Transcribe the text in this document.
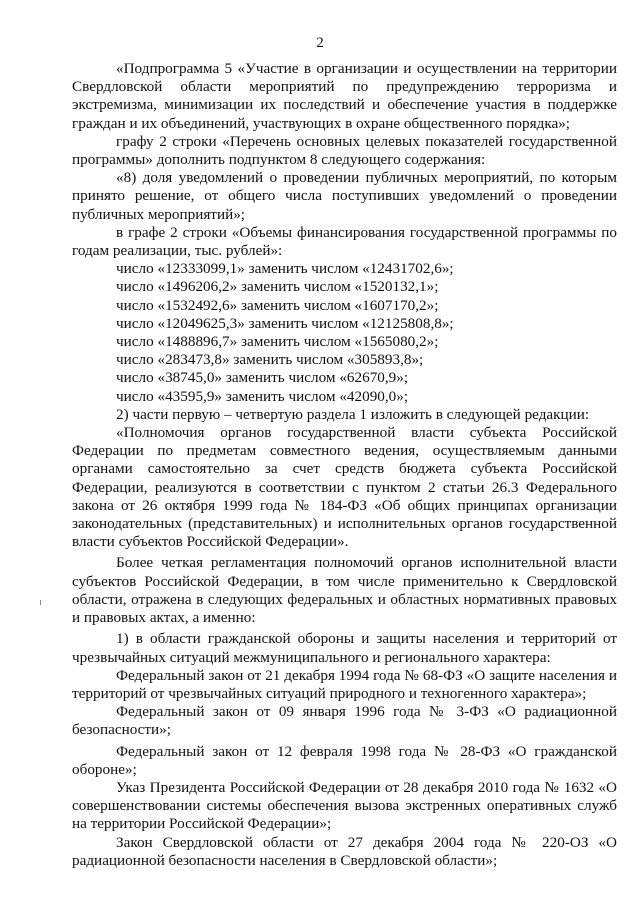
2

«Подпрограмма 5 «Участие в организации и осуществлении на территории Свердловской области мероприятий по предупреждению терроризма и экстремизма, минимизации их последствий и обеспечение участия в поддержке граждан и их объединений, участвующих в охране общественного порядка»;

графу 2 строки «Перечень основных целевых показателей государственной программы» дополнить подпунктом 8 следующего содержания:

«8) доля уведомлений о проведении публичных мероприятий, по которым принято решение, от общего числа поступивших уведомлений о проведении публичных мероприятий»;

в графе 2 строки «Объемы финансирования государственной программы по годам реализации, тыс. рублей»:

число «12333099,1» заменить числом «12431702,6»;

число «1496206,2» заменить числом «1520132,1»;

число «1532492,6» заменить числом «1607170,2»;

число «12049625,3» заменить числом «12125808,8»;

число «1488896,7» заменить числом «1565080,2»;

число «283473,8» заменить числом «305893,8»;

число «38745,0» заменить числом «62670,9»;

число «43595,9» заменить числом «42090,0»;

2) части первую – четвертую раздела 1 изложить в следующей редакции:

«Полномочия органов государственной власти субъекта Российской Федерации по предметам совместного ведения, осуществляемым данными органами самостоятельно за счет средств бюджета субъекта Российской Федерации, реализуются в соответствии с пунктом 2 статьи 26.3 Федерального закона от 26 октября 1999 года № 184-ФЗ «Об общих принципах организации законодательных (представительных) и исполнительных органов государственной власти субъектов Российской Федерации».

Более четкая регламентация полномочий органов исполнительной власти субъектов Российской Федерации, в том числе применительно к Свердловской области, отражена в следующих федеральных и областных нормативных правовых и правовых актах, а именно:

1) в области гражданской обороны и защиты населения и территорий от чрезвычайных ситуаций межмуниципального и регионального характера:

Федеральный закон от 21 декабря 1994 года № 68-ФЗ «О защите населения и территорий от чрезвычайных ситуаций природного и техногенного характера»;

Федеральный закон от 09 января 1996 года № 3-ФЗ «О радиационной безопасности»;

Федеральный закон от 12 февраля 1998 года № 28-ФЗ «О гражданской обороне»;

Указ Президента Российской Федерации от 28 декабря 2010 года № 1632 «О совершенствовании системы обеспечения вызова экстренных оперативных служб на территории Российской Федерации»;

Закон Свердловской области от 27 декабря 2004 года № 220-ОЗ «О радиационной безопасности населения в Свердловской области»;
